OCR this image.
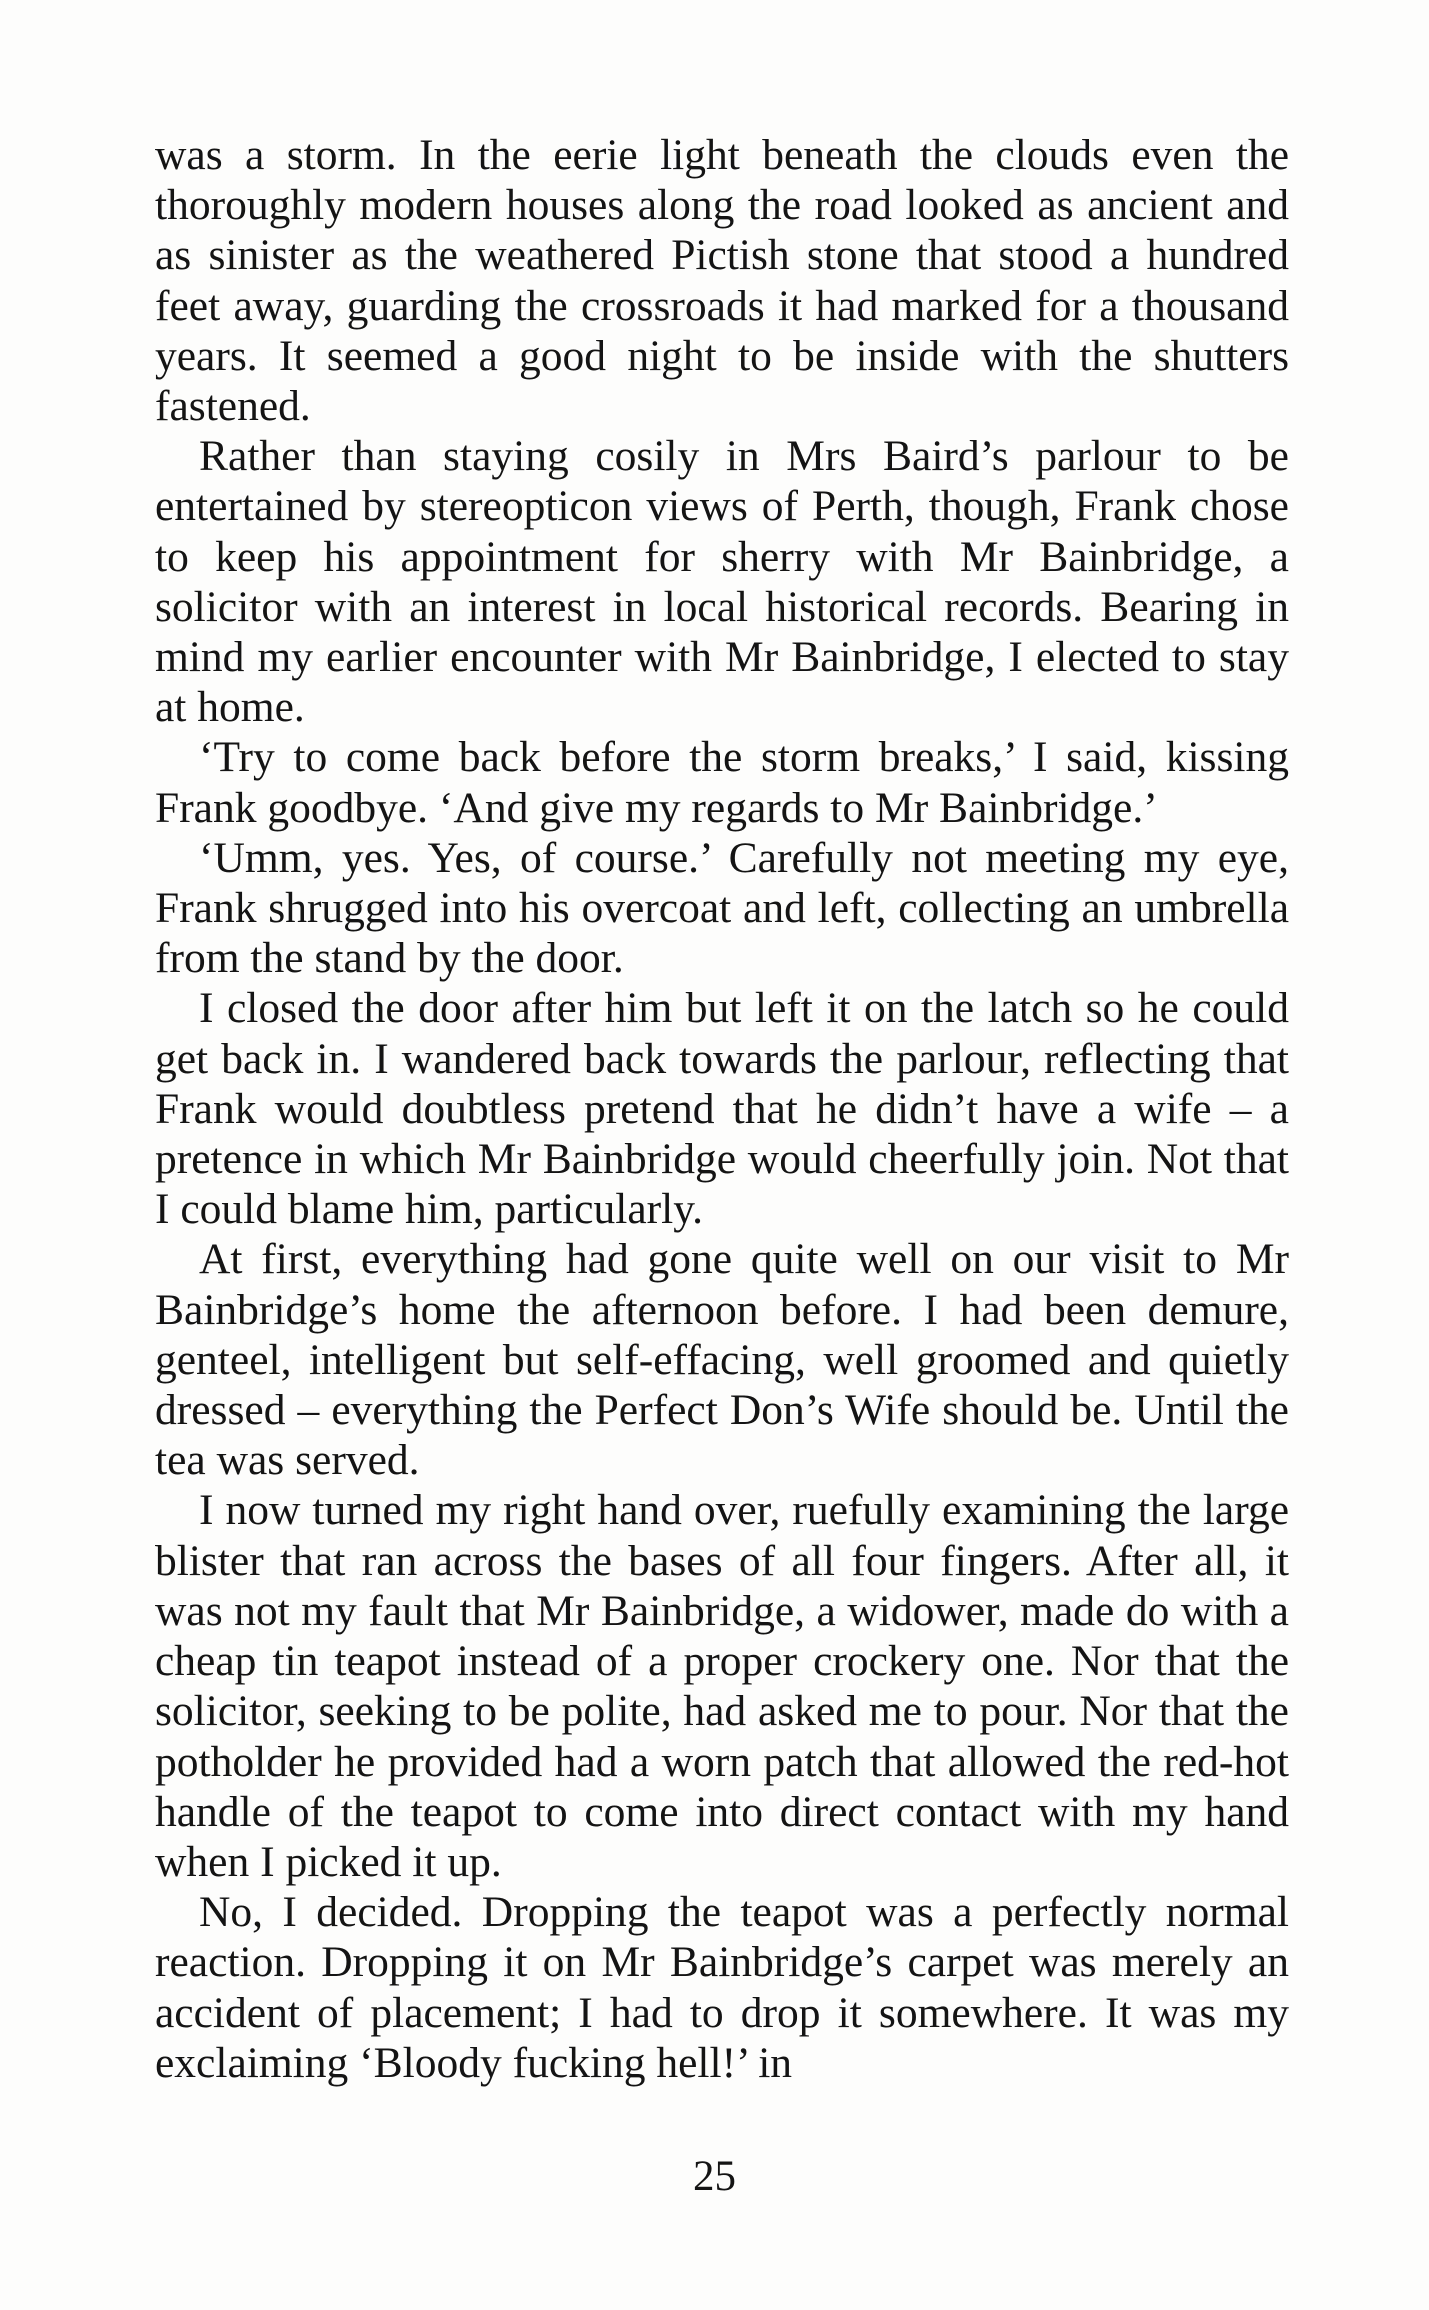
was a storm. In the eerie light beneath the clouds even the thoroughly modern houses along the road looked as ancient and as sinister as the weathered Pictish stone that stood a hundred feet away, guarding the crossroads it had marked for a thousand years. It seemed a good night to be inside with the shutters fastened.

Rather than staying cosily in Mrs Baird’s parlour to be entertained by stereopticon views of Perth, though, Frank chose to keep his appointment for sherry with Mr Bainbridge, a solicitor with an interest in local historical records. Bearing in mind my earlier encounter with Mr Bainbridge, I elected to stay at home.

‘Try to come back before the storm breaks,’ I said, kissing Frank goodbye. ‘And give my regards to Mr Bainbridge.’

‘Umm, yes. Yes, of course.’ Carefully not meeting my eye, Frank shrugged into his overcoat and left, collecting an umbrella from the stand by the door.

I closed the door after him but left it on the latch so he could get back in. I wandered back towards the parlour, reflecting that Frank would doubtless pretend that he didn’t have a wife – a pretence in which Mr Bainbridge would cheerfully join. Not that I could blame him, particularly.

At first, everything had gone quite well on our visit to Mr Bainbridge’s home the afternoon before. I had been demure, genteel, intelligent but self-effacing, well groomed and quietly dressed – everything the Perfect Don’s Wife should be. Until the tea was served.

I now turned my right hand over, ruefully examining the large blister that ran across the bases of all four fingers. After all, it was not my fault that Mr Bainbridge, a widower, made do with a cheap tin teapot instead of a proper crockery one. Nor that the solicitor, seeking to be polite, had asked me to pour. Nor that the potholder he provided had a worn patch that allowed the red-hot handle of the teapot to come into direct contact with my hand when I picked it up.

No, I decided. Dropping the teapot was a perfectly normal reaction. Dropping it on Mr Bainbridge’s carpet was merely an accident of placement; I had to drop it somewhere. It was my exclaiming ‘Bloody fucking hell!’ in

25
